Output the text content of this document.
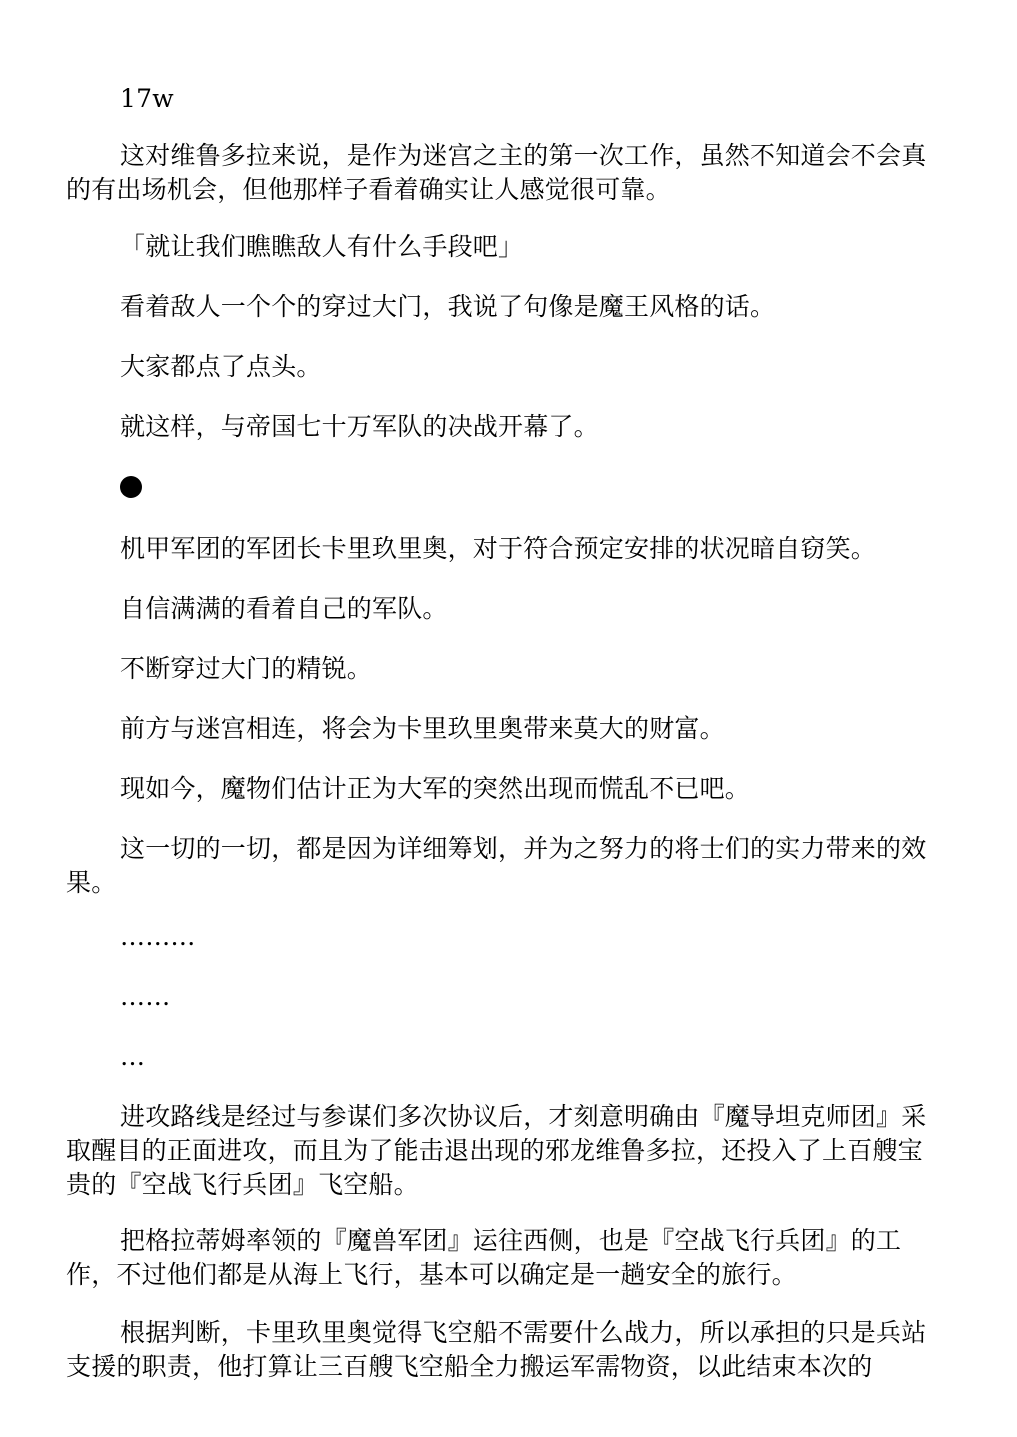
17w
这对维鲁多拉来说，是作为迷宫之主的第一次工作，虽然不知道会不会真的有出场机会，但他那样子看着确实让人感觉很可靠。
「就让我们瞧瞧敌人有什么手段吧」
看着敌人一个个的穿过大门，我说了句像是魔王风格的话。
大家都点了点头。
就这样，与帝国七十万军队的决战开幕了。
机甲军团的军团长卡里玖里奥，对于符合预定安排的状况暗自窃笑。
自信满满的看着自己的军队。
不断穿过大门的精锐。
前方与迷宫相连，将会为卡里玖里奥带来莫大的财富。
现如今，魔物们估计正为大军的突然出现而慌乱不已吧。
这一切的一切，都是因为详细筹划，并为之努力的将士们的实力带来的效果。
………
……
…
进攻路线是经过与参谋们多次协议后，才刻意明确由『魔导坦克师团』采取醒目的正面进攻，而且为了能击退出现的邪龙维鲁多拉，还投入了上百艘宝贵的『空战飞行兵团』飞空船。
把格拉蒂姆率领的『魔兽军团』运往西侧，也是『空战飞行兵团』的工作，不过他们都是从海上飞行，基本可以确定是一趟安全的旅行。
根据判断，卡里玖里奥觉得飞空船不需要什么战力，所以承担的只是兵站支援的职责，他打算让三百艘飞空船全力搬运军需物资，以此结束本次的
